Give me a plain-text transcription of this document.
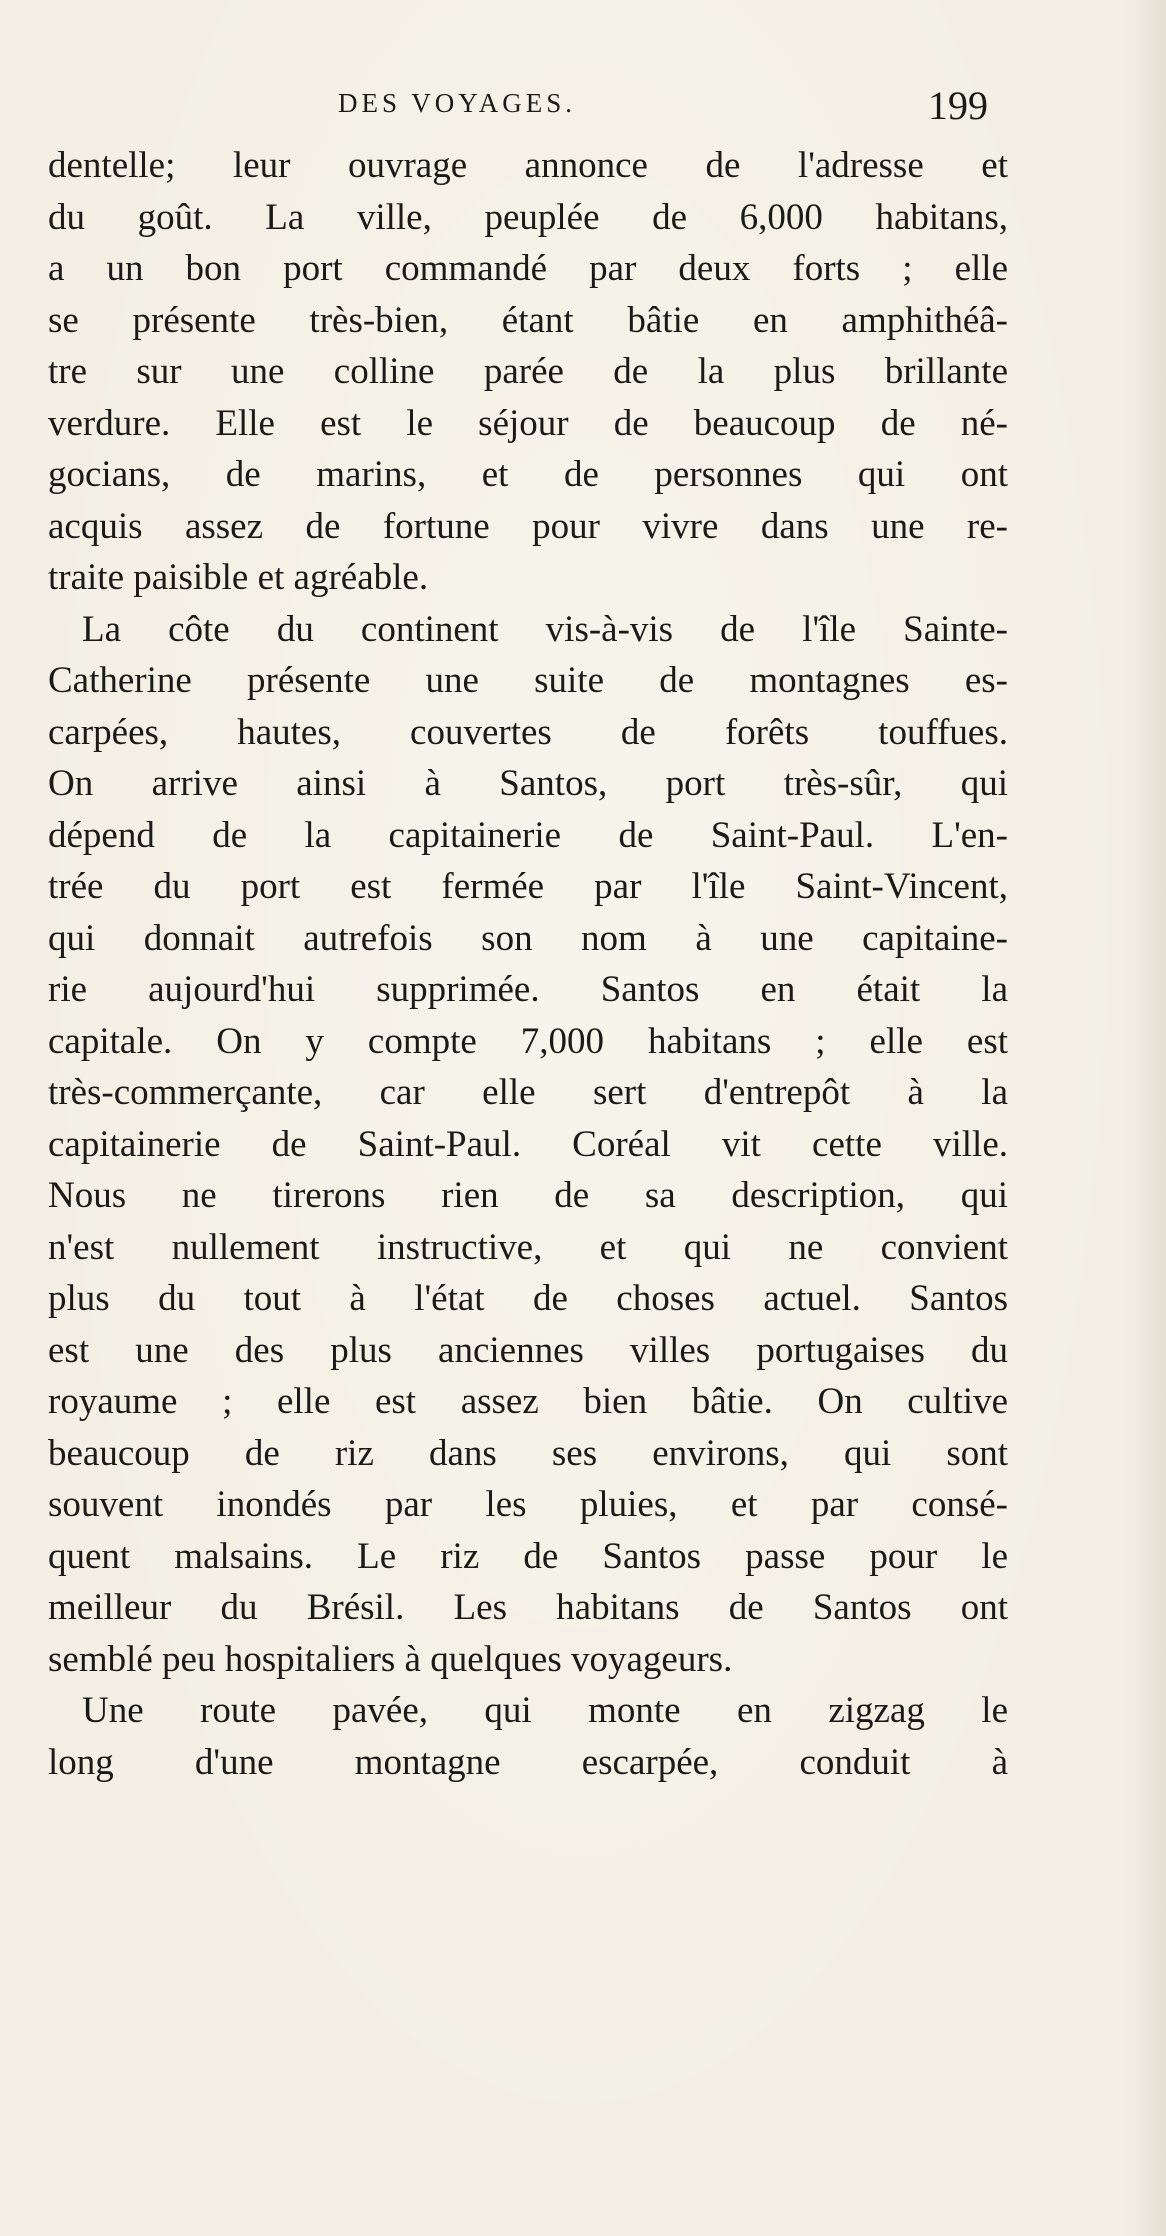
DES VOYAGES.	199
dentelle; leur ouvrage annonce de l'adresse et
du goût. La ville, peuplée de 6,000 habitans,
a un bon port commandé par deux forts ; elle
se présente très-bien, étant bâtie en amphithéâ-
tre sur une colline parée de la plus brillante
verdure. Elle est le séjour de beaucoup de né-
gocians, de marins, et de personnes qui ont
acquis assez de fortune pour vivre dans une re-
traite paisible et agréable.
La côte du continent vis-à-vis de l'île Sainte-
Catherine présente une suite de montagnes es-
carpées, hautes, couvertes de forêts touffues.
On arrive ainsi à Santos, port très-sûr, qui
dépend de la capitainerie de Saint-Paul. L'en-
trée du port est fermée par l'île Saint-Vincent,
qui donnait autrefois son nom à une capitaine-
rie aujourd'hui supprimée. Santos en était la
capitale. On y compte 7,000 habitans ; elle est
très-commerçante, car elle sert d'entrepôt à la
capitainerie de Saint-Paul. Coréal vit cette ville.
Nous ne tirerons rien de sa description, qui
n'est nullement instructive, et qui ne convient
plus du tout à l'état de choses actuel. Santos
est une des plus anciennes villes portugaises du
royaume ; elle est assez bien bâtie. On cultive
beaucoup de riz dans ses environs, qui sont
souvent inondés par les pluies, et par consé-
quent malsains. Le riz de Santos passe pour le
meilleur du Brésil. Les habitans de Santos ont
semblé peu hospitaliers à quelques voyageurs.
Une route pavée, qui monte en zigzag le
long d'une montagne escarpée, conduit à
